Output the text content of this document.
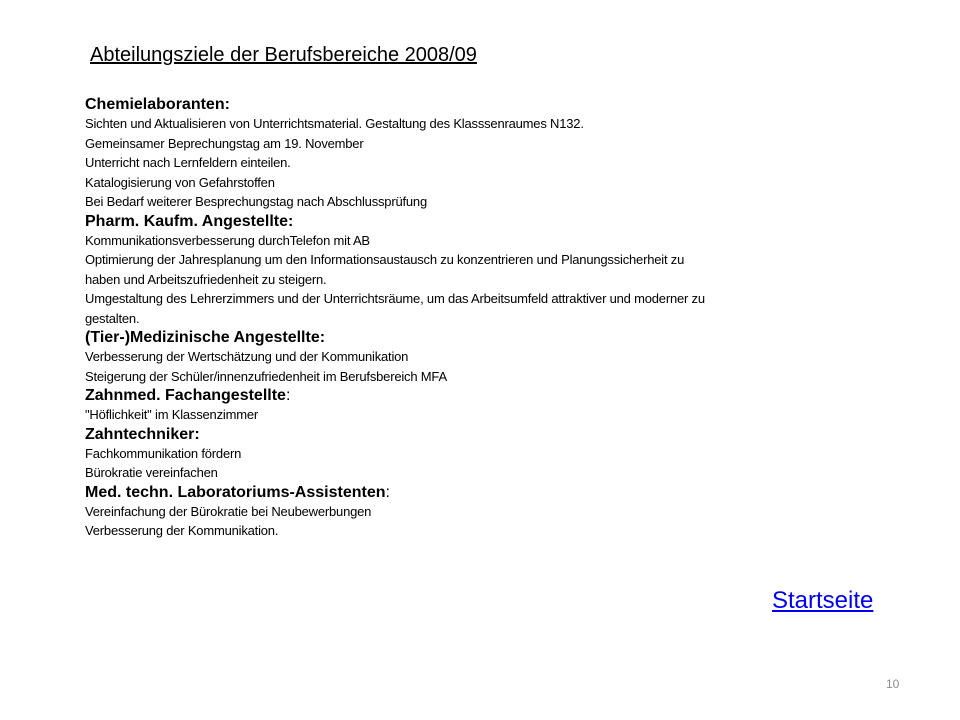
Abteilungsziele der Berufsbereiche 2008/09

Chemielaboranten:

Sichten und Aktualisieren von Unterrichtsmaterial. Gestaltung des Klasssenraumes N132.

Gemeinsamer Beprechungstag am 19. November

Unterricht nach Lernfeldern einteilen.

Katalogisierung von Gefahrstoffen

Bei Bedarf weiterer Besprechungstag nach Abschlussprüfung

Pharm. Kaufm. Angestellte:

Kommunikationsverbesserung durchTelefon mit AB

Optimierung der Jahresplanung um den Informationsaustausch zu konzentrieren und Planungssicherheit zu

haben und Arbeitszufriedenheit zu steigern.

Umgestaltung des Lehrerzimmers und der Unterrichtsräume, um das Arbeitsumfeld attraktiver und moderner zu

gestalten.

(Tier-)Medizinische Angestellte:

Verbesserung der Wertschätzung und der Kommunikation

Steigerung der Schüler/innenzufriedenheit im Berufsbereich MFA

Zahnmed. Fachangestellte:

"Höflichkeit" im Klassenzimmer

Zahntechniker:

Fachkommunikation fördern

Bürokratie vereinfachen

Med. techn. Laboratoriums-Assistenten:

Vereinfachung der Bürokratie bei Neubewerbungen

Verbesserung der Kommunikation.

Startseite
10
